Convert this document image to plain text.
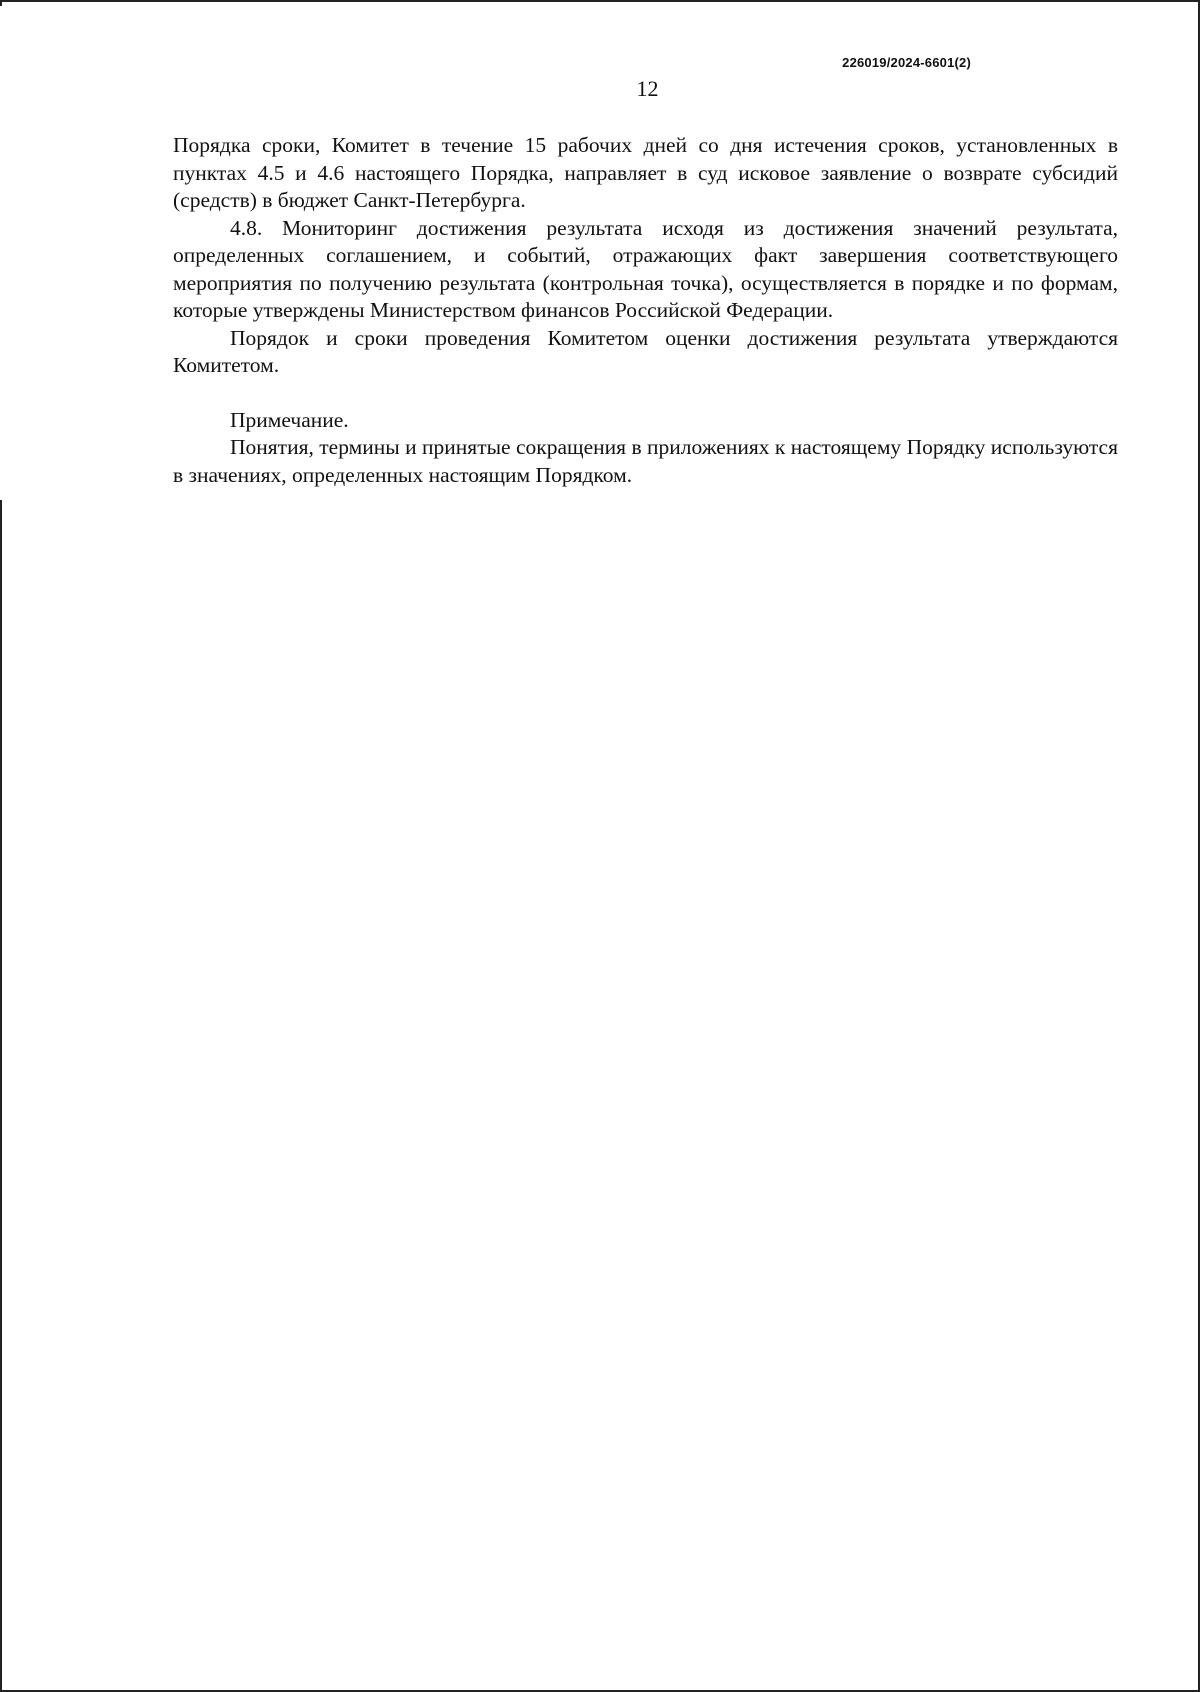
226019/2024-6601(2)
12

Порядка сроки, Комитет в течение 15 рабочих дней со дня истечения сроков, установленных в пунктах 4.5 и 4.6 настоящего Порядка, направляет в суд исковое заявление о возврате субсидий (средств) в бюджет Санкт-Петербурга.

4.8. Мониторинг достижения результата исходя из достижения значений результата, определенных соглашением, и событий, отражающих факт завершения соответствующего мероприятия по получению результата (контрольная точка), осуществляется в порядке и по формам, которые утверждены Министерством финансов Российской Федерации.

Порядок и сроки проведения Комитетом оценки достижения результата утверждаются Комитетом.

Примечание.

Понятия, термины и принятые сокращения в приложениях к настоящему Порядку используются в значениях, определенных настоящим Порядком.
